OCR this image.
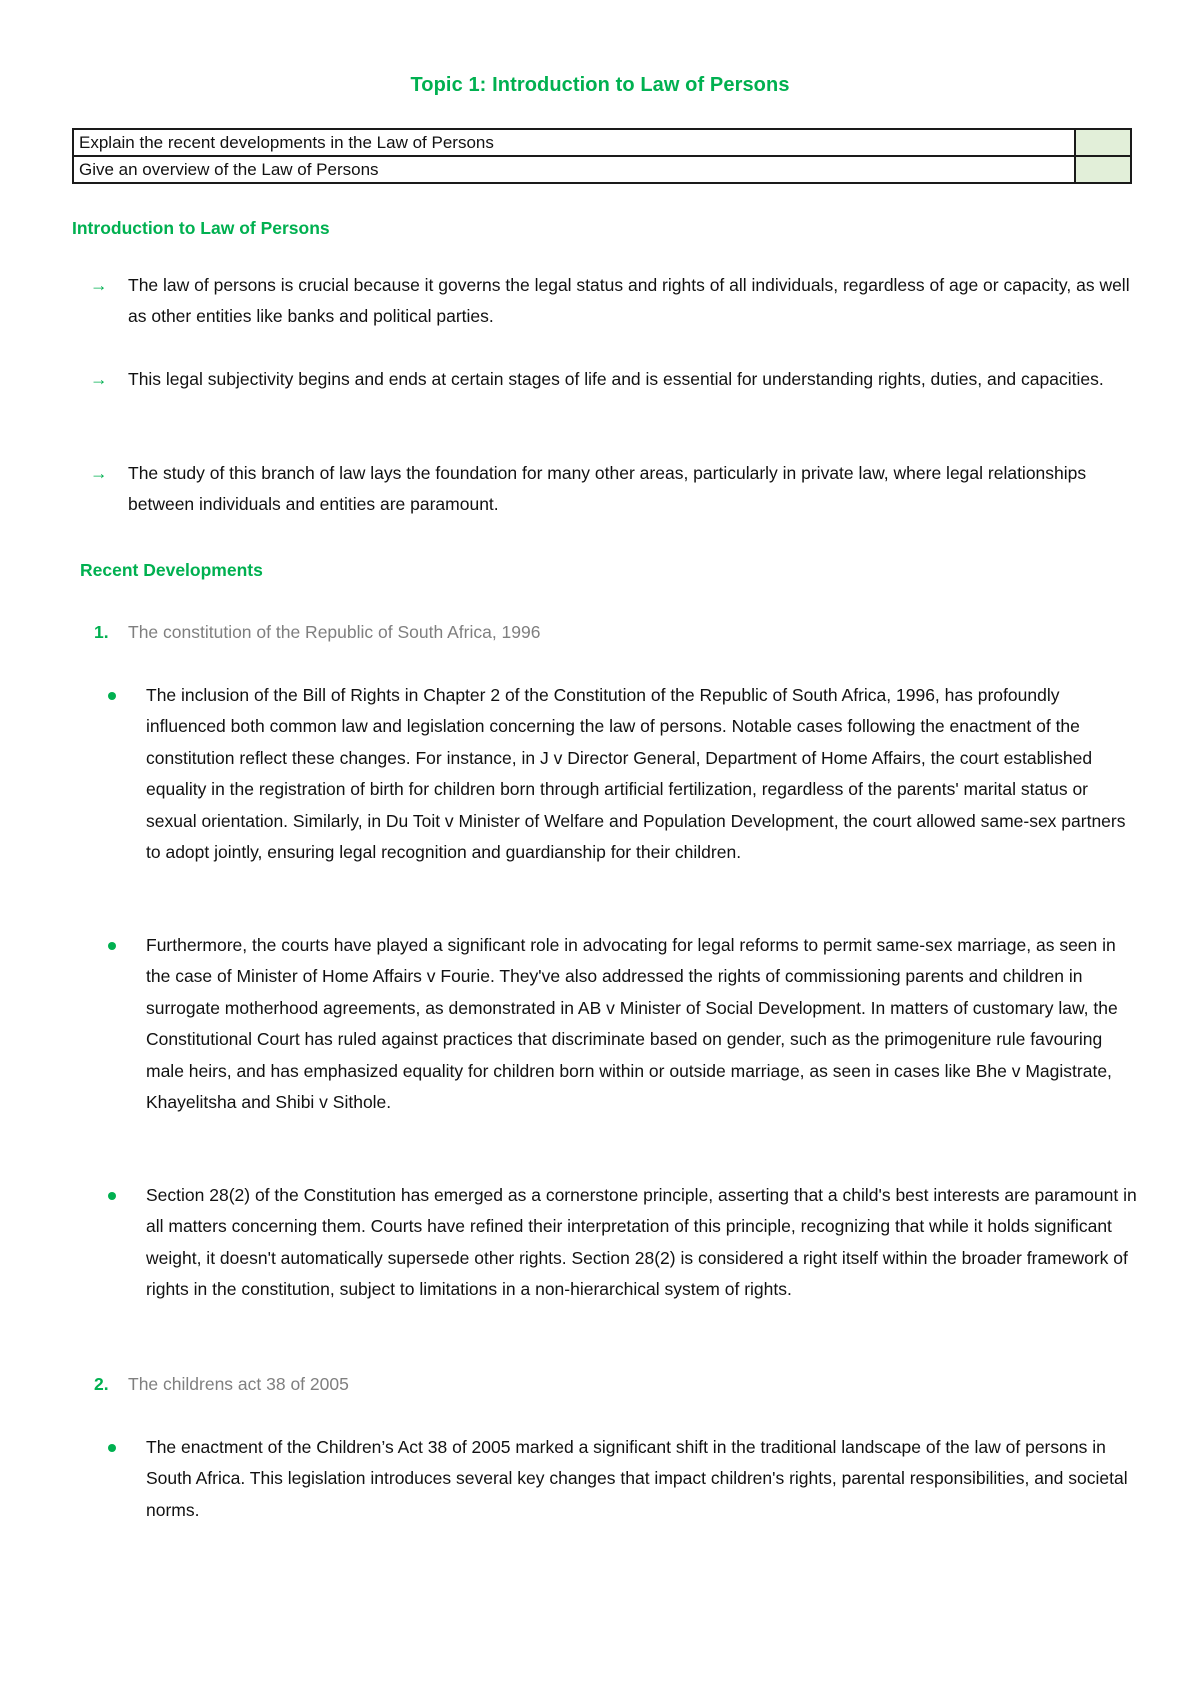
Topic 1: Introduction to Law of Persons
Explain the recent developments in the Law of Persons	
Give an overview of the Law of Persons	
Introduction to Law of Persons
→ The law of persons is crucial because it governs the legal status and rights of all individuals, regardless of age or capacity, as well as other entities like banks and political parties.
→ This legal subjectivity begins and ends at certain stages of life and is essential for understanding rights, duties, and capacities.
→ The study of this branch of law lays the foundation for many other areas, particularly in private law, where legal relationships between individuals and entities are paramount.
Recent Developments
1. The constitution of the Republic of South Africa, 1996
The inclusion of the Bill of Rights in Chapter 2 of the Constitution of the Republic of South Africa, 1996, has profoundly influenced both common law and legislation concerning the law of persons. Notable cases following the enactment of the constitution reflect these changes. For instance, in J v Director General, Department of Home Affairs, the court established equality in the registration of birth for children born through artificial fertilization, regardless of the parents' marital status or sexual orientation. Similarly, in Du Toit v Minister of Welfare and Population Development, the court allowed same-sex partners to adopt jointly, ensuring legal recognition and guardianship for their children.
Furthermore, the courts have played a significant role in advocating for legal reforms to permit same-sex marriage, as seen in the case of Minister of Home Affairs v Fourie. They've also addressed the rights of commissioning parents and children in surrogate motherhood agreements, as demonstrated in AB v Minister of Social Development. In matters of customary law, the Constitutional Court has ruled against practices that discriminate based on gender, such as the primogeniture rule favouring male heirs, and has emphasized equality for children born within or outside marriage, as seen in cases like Bhe v Magistrate, Khayelitsha and Shibi v Sithole.
Section 28(2) of the Constitution has emerged as a cornerstone principle, asserting that a child's best interests are paramount in all matters concerning them. Courts have refined their interpretation of this principle, recognizing that while it holds significant weight, it doesn't automatically supersede other rights. Section 28(2) is considered a right itself within the broader framework of rights in the constitution, subject to limitations in a non-hierarchical system of rights.
2. The childrens act 38 of 2005
The enactment of the Children’s Act 38 of 2005 marked a significant shift in the traditional landscape of the law of persons in South Africa. This legislation introduces several key changes that impact children's rights, parental responsibilities, and societal norms.
